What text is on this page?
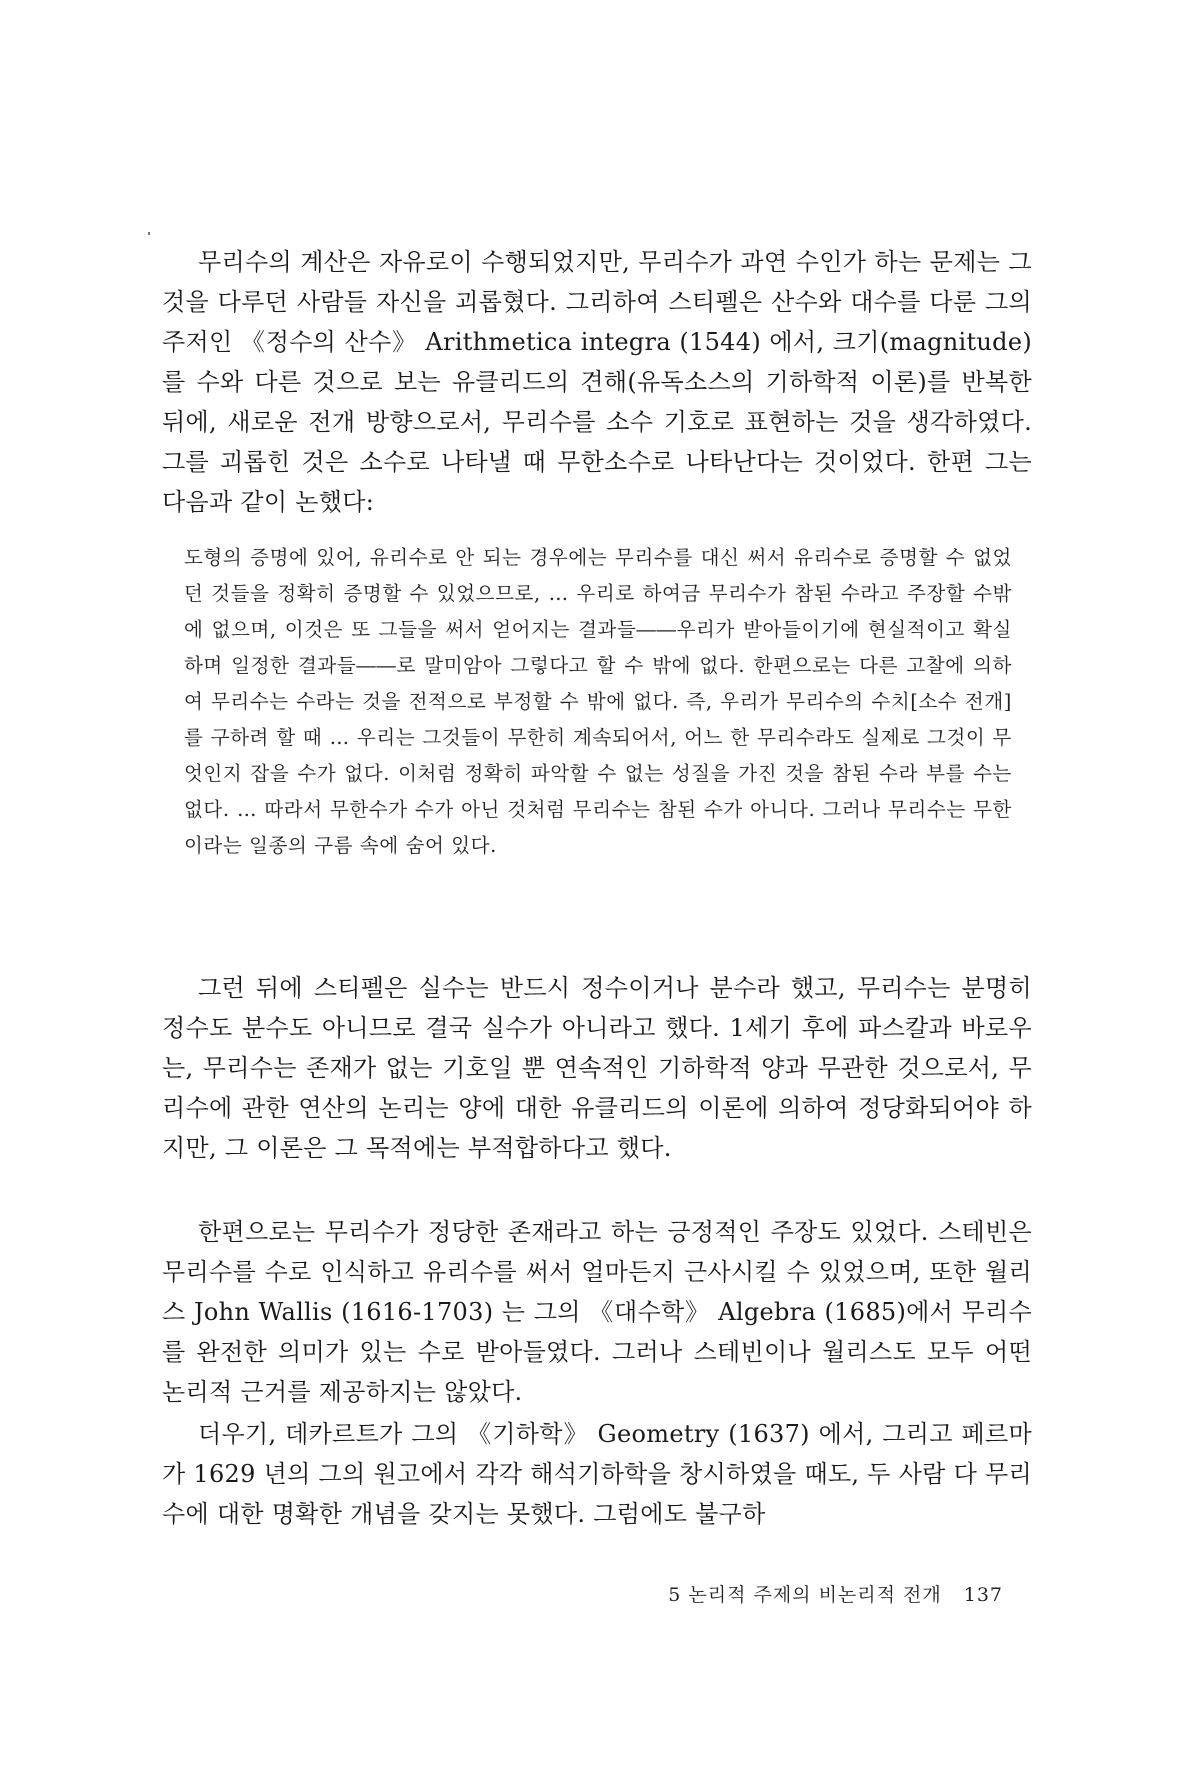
무리수의 계산은 자유로이 수행되었지만, 무리수가 과연 수인가 하는 문제는 그것을 다루던 사람들 자신을 괴롭혔다. 그리하여 스티펠은 산수와 대수를 다룬 그의 주저인 《정수의 산수》 Arithmetica integra (1544) 에서, 크기(magnitude)를 수와 다른 것으로 보는 유클리드의 견해(유독소스의 기하학적 이론)를 반복한 뒤에, 새로운 전개 방향으로서, 무리수를 소수 기호로 표현하는 것을 생각하였다. 그를 괴롭힌 것은 소수로 나타낼 때 무한소수로 나타난다는 것이었다. 한편 그는 다음과 같이 논했다:

도형의 증명에 있어, 유리수로 안 되는 경우에는 무리수를 대신 써서 유리수로 증명할 수 없었던 것들을 정확히 증명할 수 있었으므로, … 우리로 하여금 무리수가 참된 수라고 주장할 수밖에 없으며, 이것은 또 그들을 써서 얻어지는 결과들――우리가 받아들이기에 현실적이고 확실하며 일정한 결과들――로 말미암아 그렇다고 할 수 밖에 없다. 한편으로는 다른 고찰에 의하여 무리수는 수라는 것을 전적으로 부정할 수 밖에 없다. 즉, 우리가 무리수의 수치[소수 전개]를 구하려 할 때 … 우리는 그것들이 무한히 계속되어서, 어느 한 무리수라도 실제로 그것이 무엇인지 잡을 수가 없다. 이처럼 정확히 파악할 수 없는 성질을 가진 것을 참된 수라 부를 수는 없다. … 따라서 무한수가 수가 아닌 것처럼 무리수는 참된 수가 아니다. 그러나 무리수는 무한이라는 일종의 구름 속에 숨어 있다.

그런 뒤에 스티펠은 실수는 반드시 정수이거나 분수라 했고, 무리수는 분명히 정수도 분수도 아니므로 결국 실수가 아니라고 했다. 1세기 후에 파스칼과 바로우는, 무리수는 존재가 없는 기호일 뿐 연속적인 기하학적 양과 무관한 것으로서, 무리수에 관한 연산의 논리는 양에 대한 유클리드의 이론에 의하여 정당화되어야 하지만, 그 이론은 그 목적에는 부적합하다고 했다.

한편으로는 무리수가 정당한 존재라고 하는 긍정적인 주장도 있었다. 스테빈은 무리수를 수로 인식하고 유리수를 써서 얼마든지 근사시킬 수 있었으며, 또한 월리스 John Wallis (1616-1703) 는 그의 《대수학》 Algebra (1685)에서 무리수를 완전한 의미가 있는 수로 받아들였다. 그러나 스테빈이나 월리스도 모두 어떤 논리적 근거를 제공하지는 않았다.

더우기, 데카르트가 그의 《기하학》 Geometry (1637) 에서, 그리고 페르마가 1629 년의 그의 원고에서 각각 해석기하학을 창시하였을 때도, 두 사람 다 무리수에 대한 명확한 개념을 갖지는 못했다. 그럼에도 불구하

5 논리적 주제의 비논리적 전개 137
